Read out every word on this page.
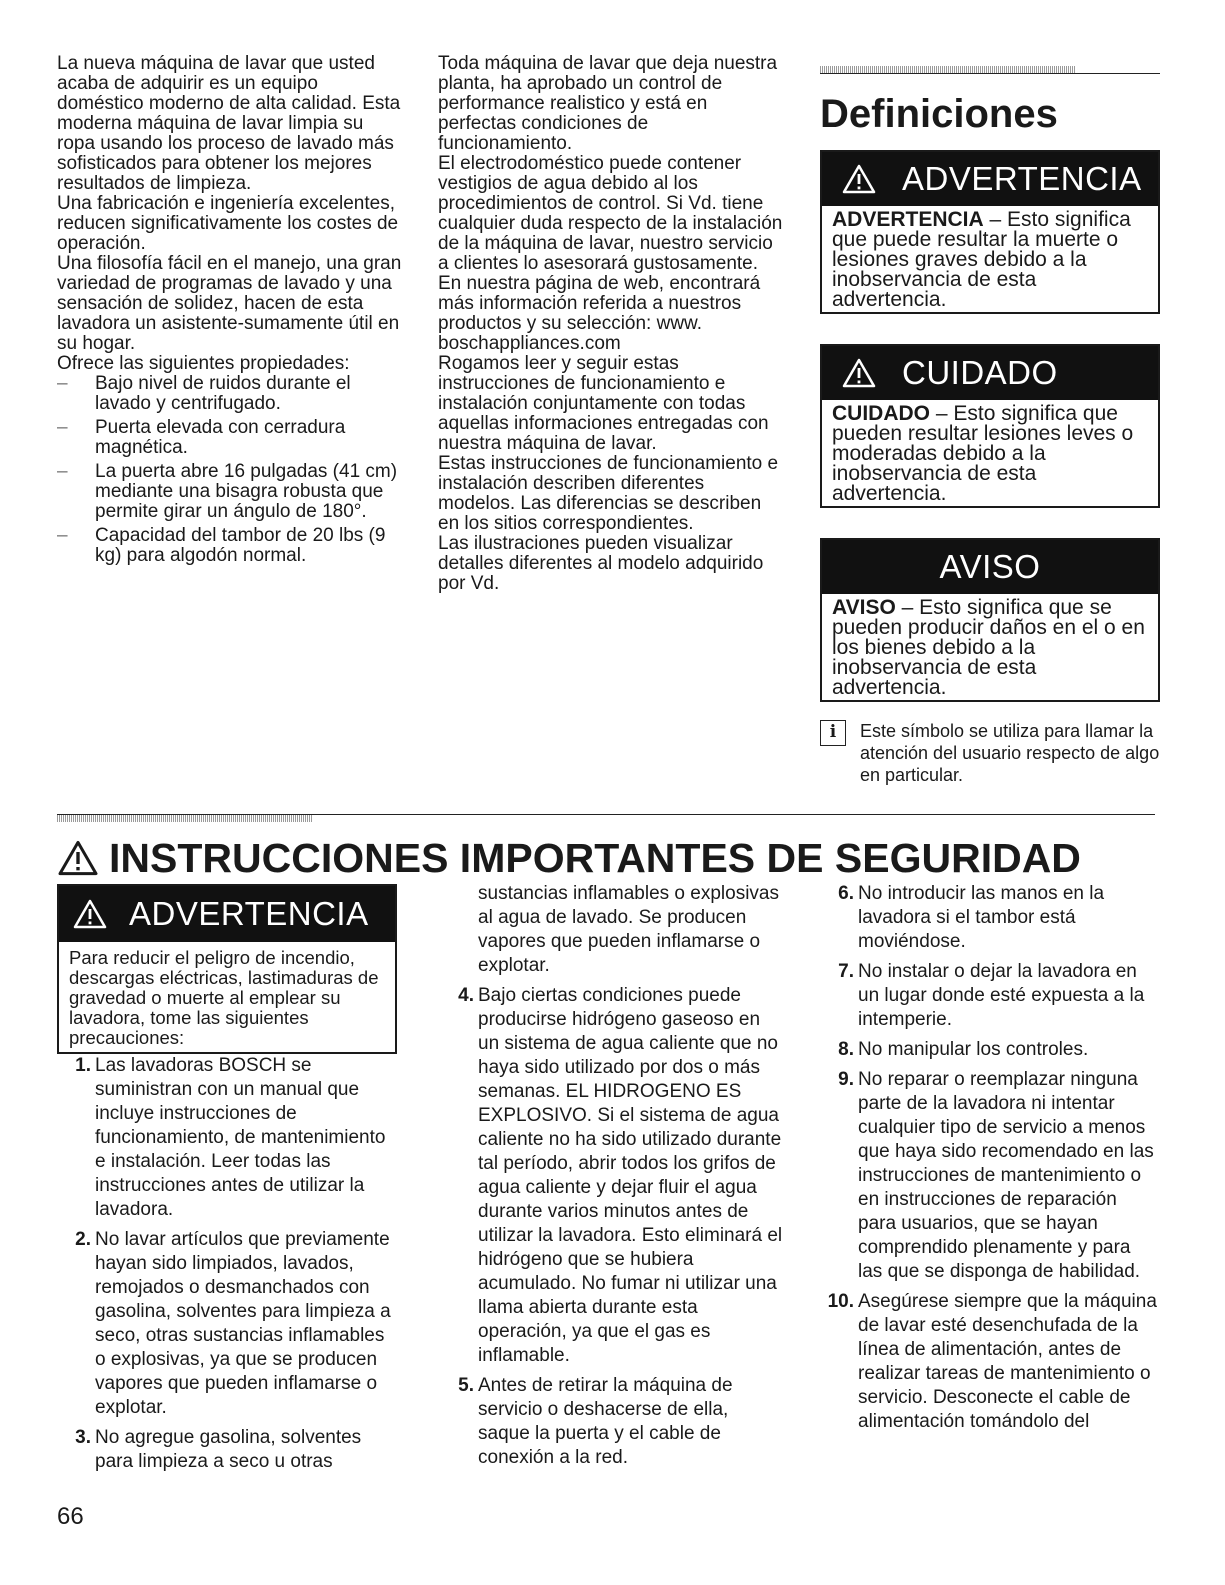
La nueva máquina de lavar que usted acaba de adquirir es un equipo doméstico moderno de alta calidad. Esta moderna máquina de lavar limpia su ropa usando los proceso de lavado más sofisticados para obtener los mejores resultados de limpieza.

Una fabricación e ingeniería excelentes, reducen significativamente los costes de operación.

Una filosofía fácil en el manejo, una gran variedad de programas de lavado y una sensación de solidez, hacen de esta lavadora un asistente-sumamente útil en su hogar.

Ofrece las siguientes propiedades:

– Bajo nivel de ruidos durante el lavado y centrifugado.
– Puerta elevada con cerradura magnética.
– La puerta abre 16 pulgadas (41 cm) mediante una bisagra robusta que permite girar un ángulo de 180°.
– Capacidad del tambor de 20 lbs (9 kg) para algodón normal.

Toda máquina de lavar que deja nuestra planta, ha aprobado un control de performance realistico y está en perfectas condiciones de funcionamiento.

El electrodoméstico puede contener vestigios de agua debido al los procedimientos de control. Si Vd. tiene cualquier duda respecto de la instalación de la máquina de lavar, nuestro servicio a clientes lo asesorará gustosamente.

En nuestra página de web, encontrará más información referida a nuestros productos y su selección: www. boschappliances.com

Rogamos leer y seguir estas instrucciones de funcionamiento e instalación conjuntamente con todas aquellas informaciones entregadas con nuestra máquina de lavar.

Estas instrucciones de funcionamiento e instalación describen diferentes modelos. Las diferencias se describen en los sitios correspondientes.

Las ilustraciones pueden visualizar detalles diferentes al modelo adquirido por Vd.

Definiciones
ADVERTENCIA
ADVERTENCIA – Esto significa que puede resultar la muerte o lesiones graves debido a la inobservancia de esta advertencia.
CUIDADO
CUIDADO – Esto significa que pueden resultar lesiones leves o moderadas debido a la inobservancia de esta advertencia.
AVISO
AVISO – Esto significa que se pueden producir daños en el o en los bienes debido a la inobservancia de esta advertencia.
i	Este símbolo se utiliza para llamar la atención del usuario respecto de algo en particular.
INSTRUCCIONES IMPORTANTES DE SEGURIDAD
ADVERTENCIA
Para reducir el peligro de incendio, descargas eléctricas, lastimaduras de gravedad o muerte al emplear su lavadora, tome las siguientes precauciones:
1. Las lavadoras BOSCH se suministran con un manual que incluye instrucciones de funcionamiento, de mantenimiento e instalación. Leer todas las instrucciones antes de utilizar la lavadora.
2. No lavar artículos que previamente hayan sido limpiados, lavados, remojados o desmanchados con gasolina, solventes para limpieza a seco, otras sustancias inflamables o explosivas, ya que se producen vapores que pueden inflamarse o explotar.
3. No agregue gasolina, solventes para limpieza a seco u otras
sustancias inflamables o explosivas al agua de lavado. Se producen vapores que pueden inflamarse o explotar.
4. Bajo ciertas condiciones puede producirse hidrógeno gaseoso en un sistema de agua caliente que no haya sido utilizado por dos o más semanas. EL HIDROGENO ES EXPLOSIVO. Si el sistema de agua caliente no ha sido utilizado durante tal período, abrir todos los grifos de agua caliente y dejar fluir el agua durante varios minutos antes de utilizar la lavadora. Esto eliminará el hidrógeno que se hubiera acumulado. No fumar ni utilizar una llama abierta durante esta operación, ya que el gas es inflamable.
5. Antes de retirar la máquina de servicio o deshacerse de ella, saque la puerta y el cable de conexión a la red.
6. No introducir las manos en la lavadora si el tambor está moviéndose.
7. No instalar o dejar la lavadora en un lugar donde esté expuesta a la intemperie.
8. No manipular los controles.
9. No reparar o reemplazar ninguna parte de la lavadora ni intentar cualquier tipo de servicio a menos que haya sido recomendado en las instrucciones de mantenimiento o en instrucciones de reparación para usuarios, que se hayan comprendido plenamente y para las que se disponga de habilidad.
10. Asegúrese siempre que la máquina de lavar esté desenchufada de la línea de alimentación, antes de realizar tareas de mantenimiento o servicio. Desconecte el cable de alimentación tomándolo del
66
